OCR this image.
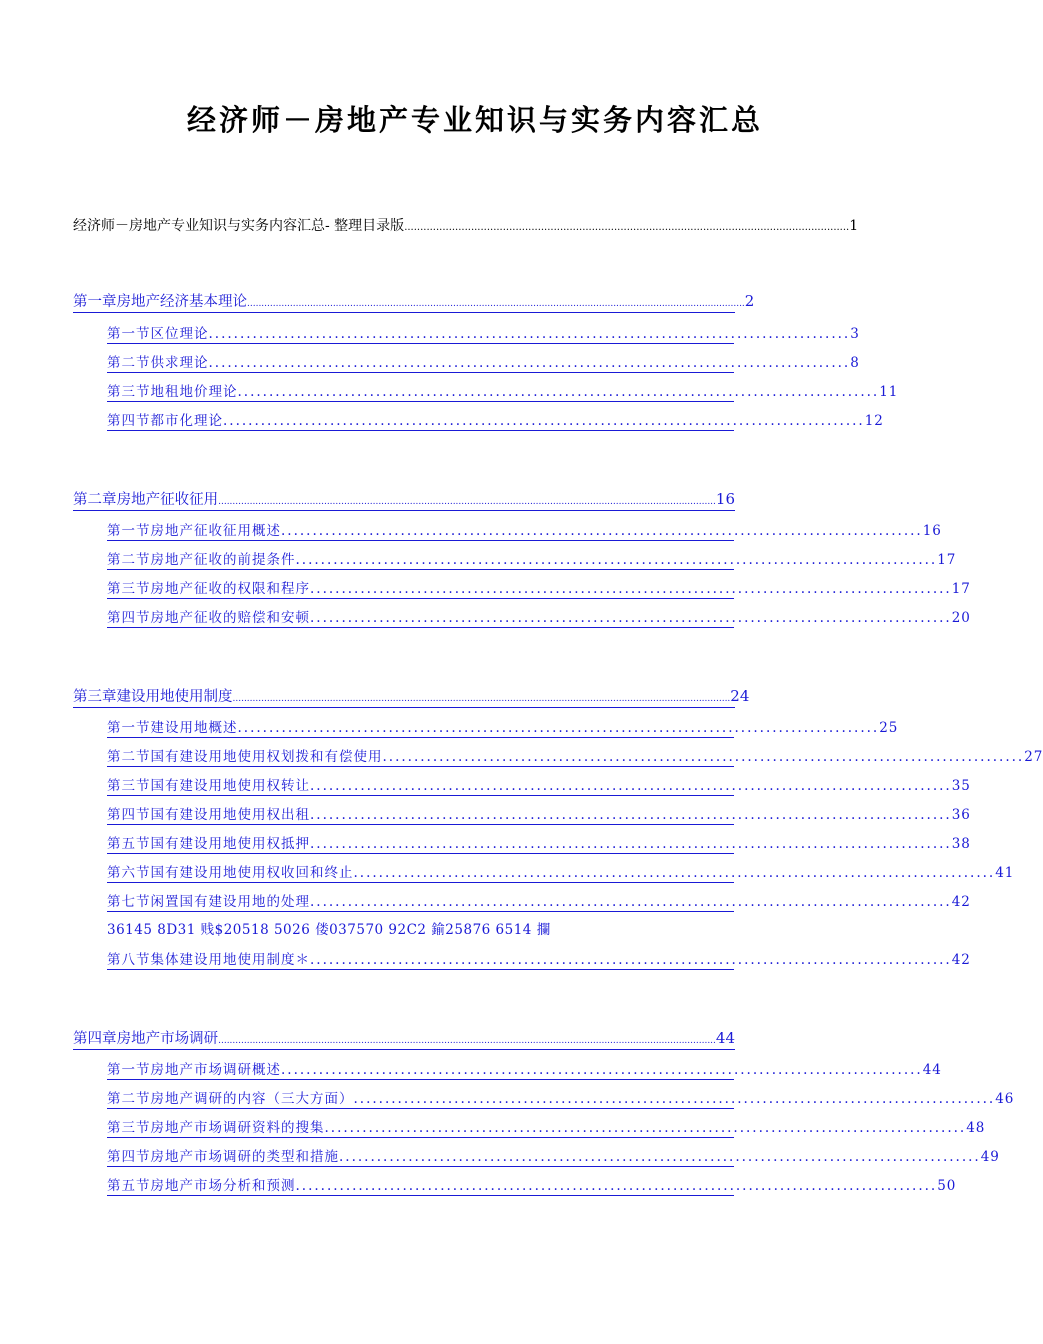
经济师－房地产专业知识与实务内容汇总
经济师－房地产专业知识与实务内容汇总- 整理目录版 ............................................................................................................................................ 1
第一章 房地产经济基本理论 .............................................................................................................................................................................. 2
第一节 区位理论 ...................................................................................................... 3
第二节 供求理论 ...................................................................................................... 8
第三节 地租地价理论 ...................................................................................................... 11
第四节 都市化理论 ...................................................................................................... 12
第二章 房地产征收征用 .............................................................................................................................................................................. 16
第一节 房地产征收征用概述 ...................................................................................................... 16
第二节 房地产征收的前提条件 ...................................................................................................... 17
第三节 房地产征收的权限和程序 ...................................................................................................... 17
第四节 房地产征收的赔偿和安顿 ...................................................................................................... 20
第三章 建设用地使用制度 .............................................................................................................................................................................. 24
第一节 建设用地概述 ...................................................................................................... 25
第二节 国有建设用地使用权划拨和有偿使用 ...................................................................................................... 27
第三节 国有建设用地使用权转让 ...................................................................................................... 35
第四节 国有建设用地使用权出租 ...................................................................................................... 36
第五节 国有建设用地使用权抵押 ...................................................................................................... 38
第六节 国有建设用地使用权收回和终止 ...................................................................................................... 41
第七节 闲置国有建设用地的处理 ...................................................................................................... 42
36145 8D31 贱$20518 5026 偻037570 92C2 鍮25876 6514 攔
第八节 集体建设用地使用制度＊ ...................................................................................................... 42
第四章 房地产市场调研 .............................................................................................................................................................................. 44
第一节 房地产市场调研概述 ...................................................................................................... 44
第二节 房地产调研的内容（三大方面） ...................................................................................................... 46
第三节 房地产市场调研资料的搜集 ...................................................................................................... 48
第四节 房地产市场调研的类型和措施 ...................................................................................................... 49
第五节 房地产市场分析和预测 ...................................................................................................... 50
